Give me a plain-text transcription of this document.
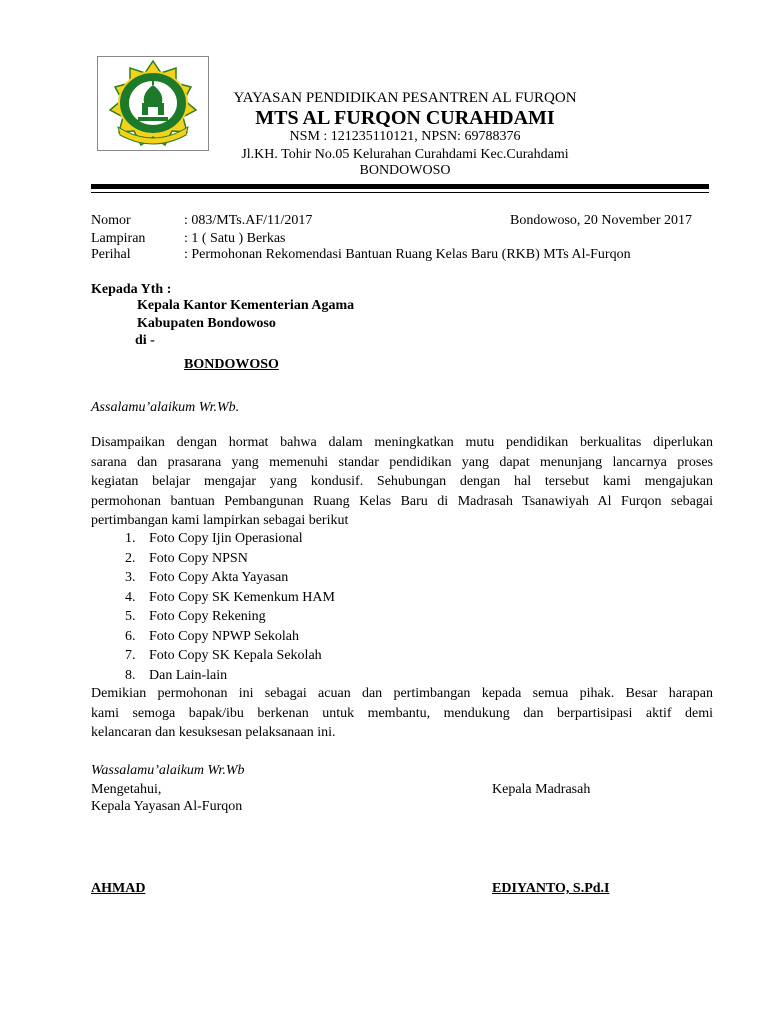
YAYASAN PENDIDIKAN PESANTREN AL FURQON
MTS AL FURQON CURAHDAMI
NSM : 121235110121, NPSN: 69788376
Jl.KH. Tohir No.05 Kelurahan Curahdami Kec.Curahdami
BONDOWOSO
Nomor	: 083/MTs.AF/11/2017	Bondowoso, 20 November 2017
Lampiran	: 1 ( Satu ) Berkas
Perihal	: Permohonan Rekomendasi Bantuan Ruang Kelas Baru (RKB) MTs Al-Furqon
Kepada Yth :
Kepala Kantor Kementerian Agama
Kabupaten Bondowoso
di -
BONDOWOSO
Assalamu’alaikum Wr.Wb.
Disampaikan dengan hormat bahwa dalam meningkatkan mutu pendidikan berkualitas diperlukan
sarana dan prasarana yang memenuhi standar pendidikan yang dapat menunjang lancarnya proses
kegiatan belajar mengajar yang kondusif. Sehubungan dengan hal tersebut kami mengajukan
permohonan bantuan Pembangunan Ruang Kelas Baru di Madrasah Tsanawiyah Al Furqon sebagai
pertimbangan kami lampirkan sebagai berikut
1. Foto Copy Ijin Operasional
2. Foto Copy NPSN
3. Foto Copy Akta Yayasan
4. Foto Copy SK Kemenkum HAM
5. Foto Copy Rekening
6. Foto Copy NPWP Sekolah
7. Foto Copy SK Kepala Sekolah
8. Dan Lain-lain
Demikian permohonan ini sebagai acuan dan pertimbangan kepada semua pihak. Besar harapan
kami semoga bapak/ibu berkenan untuk membantu, mendukung dan berpartisipasi aktif demi
kelancaran dan kesuksesan pelaksanaan ini.
Wassalamu’alaikum Wr.Wb
Mengetahui,
Kepala Yayasan Al-Furqon
Kepala Madrasah
AHMAD	EDIYANTO, S.Pd.I
